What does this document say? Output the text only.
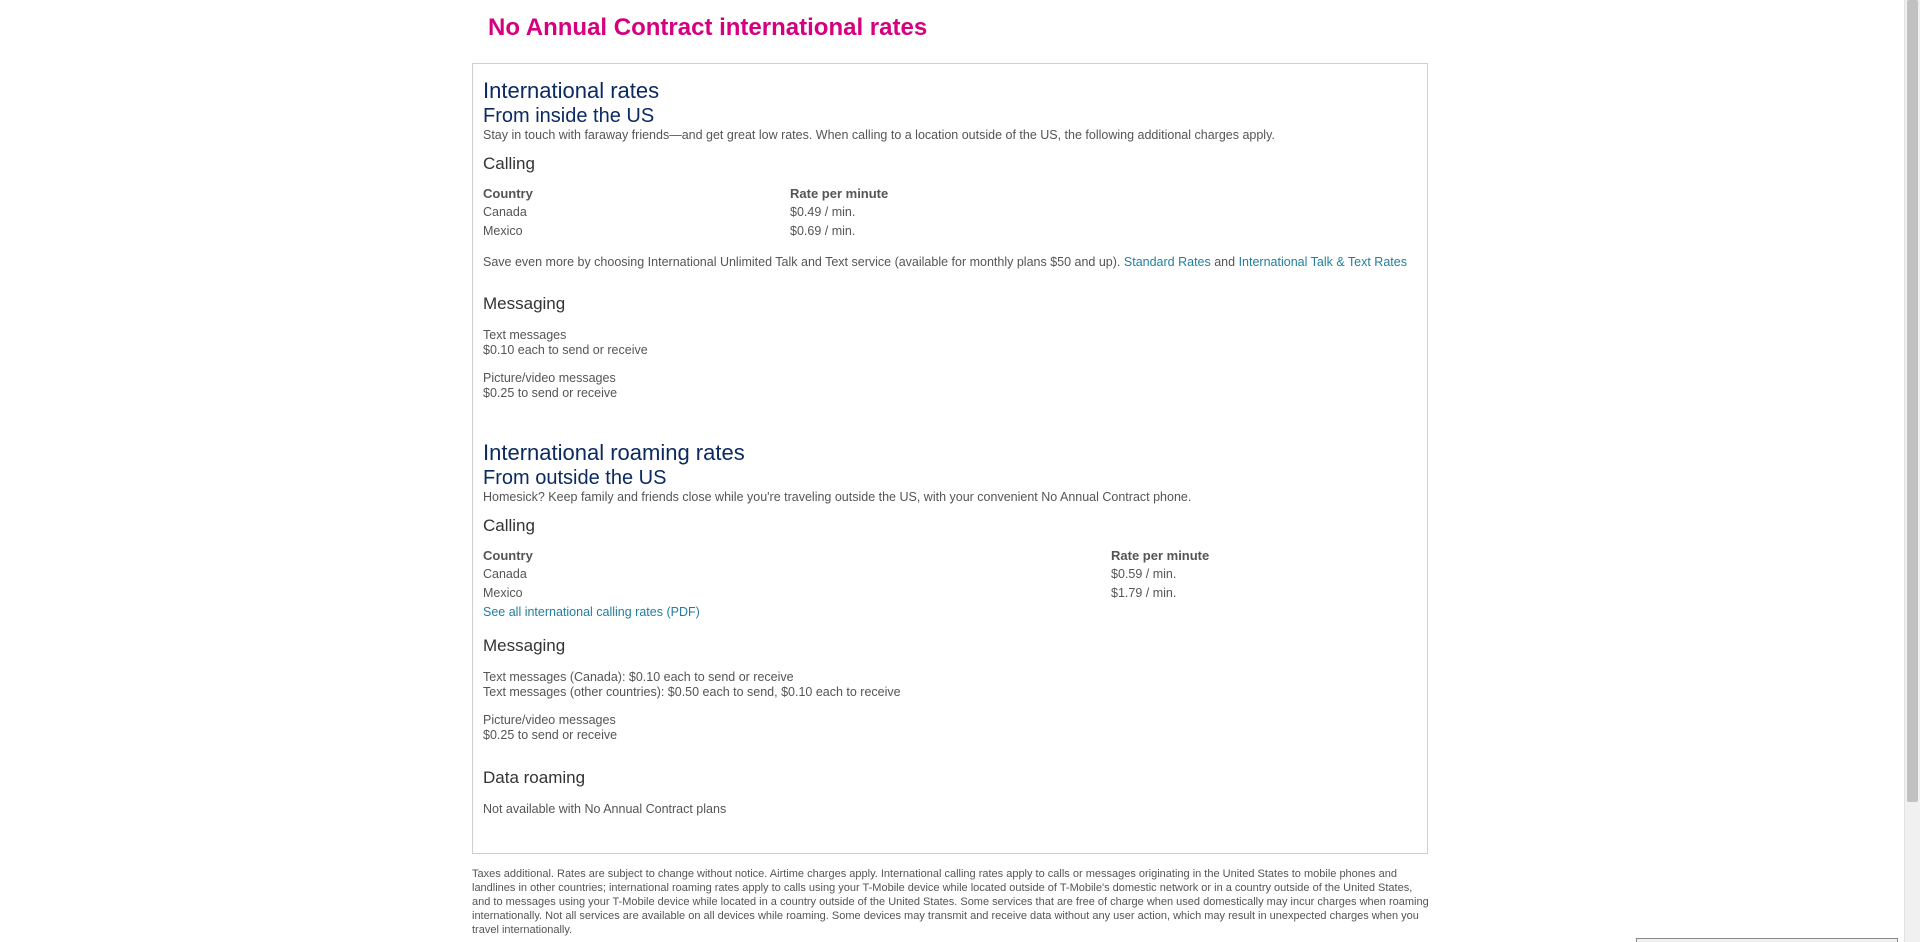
No Annual Contract international rates
International rates
From inside the US
Stay in touch with faraway friends—and get great low rates. When calling to a location outside of the US, the following additional charges apply.
Calling
Country	Rate per minute
Canada	$0.49 / min.
Mexico	$0.69 / min.
Save even more by choosing International Unlimited Talk and Text service (available for monthly plans $50 and up). Standard Rates and International Talk & Text Rates
Messaging
Text messages
$0.10 each to send or receive
Picture/video messages
$0.25 to send or receive
International roaming rates
From outside the US
Homesick? Keep family and friends close while you're traveling outside the US, with your convenient No Annual Contract phone.
Calling
Country	Rate per minute
Canada	$0.59 / min.
Mexico	$1.79 / min.
See all international calling rates (PDF)
Messaging
Text messages (Canada): $0.10 each to send or receive
Text messages (other countries): $0.50 each to send, $0.10 each to receive
Picture/video messages
$0.25 to send or receive
Data roaming
Not available with No Annual Contract plans

Taxes additional. Rates are subject to change without notice. Airtime charges apply. International calling rates apply to calls or messages originating in the United States to mobile phones and landlines in other countries; international roaming rates apply to calls using your T-Mobile device while located outside of T-Mobile's domestic network or in a country outside of the United States, and to messages using your T-Mobile device while located in a country outside of the United States. Some services that are free of charge when used domestically may incur charges when roaming internationally. Not all services are available on all devices while roaming. Some devices may transmit and receive data without any user action, which may result in unexpected charges when you travel internationally.
